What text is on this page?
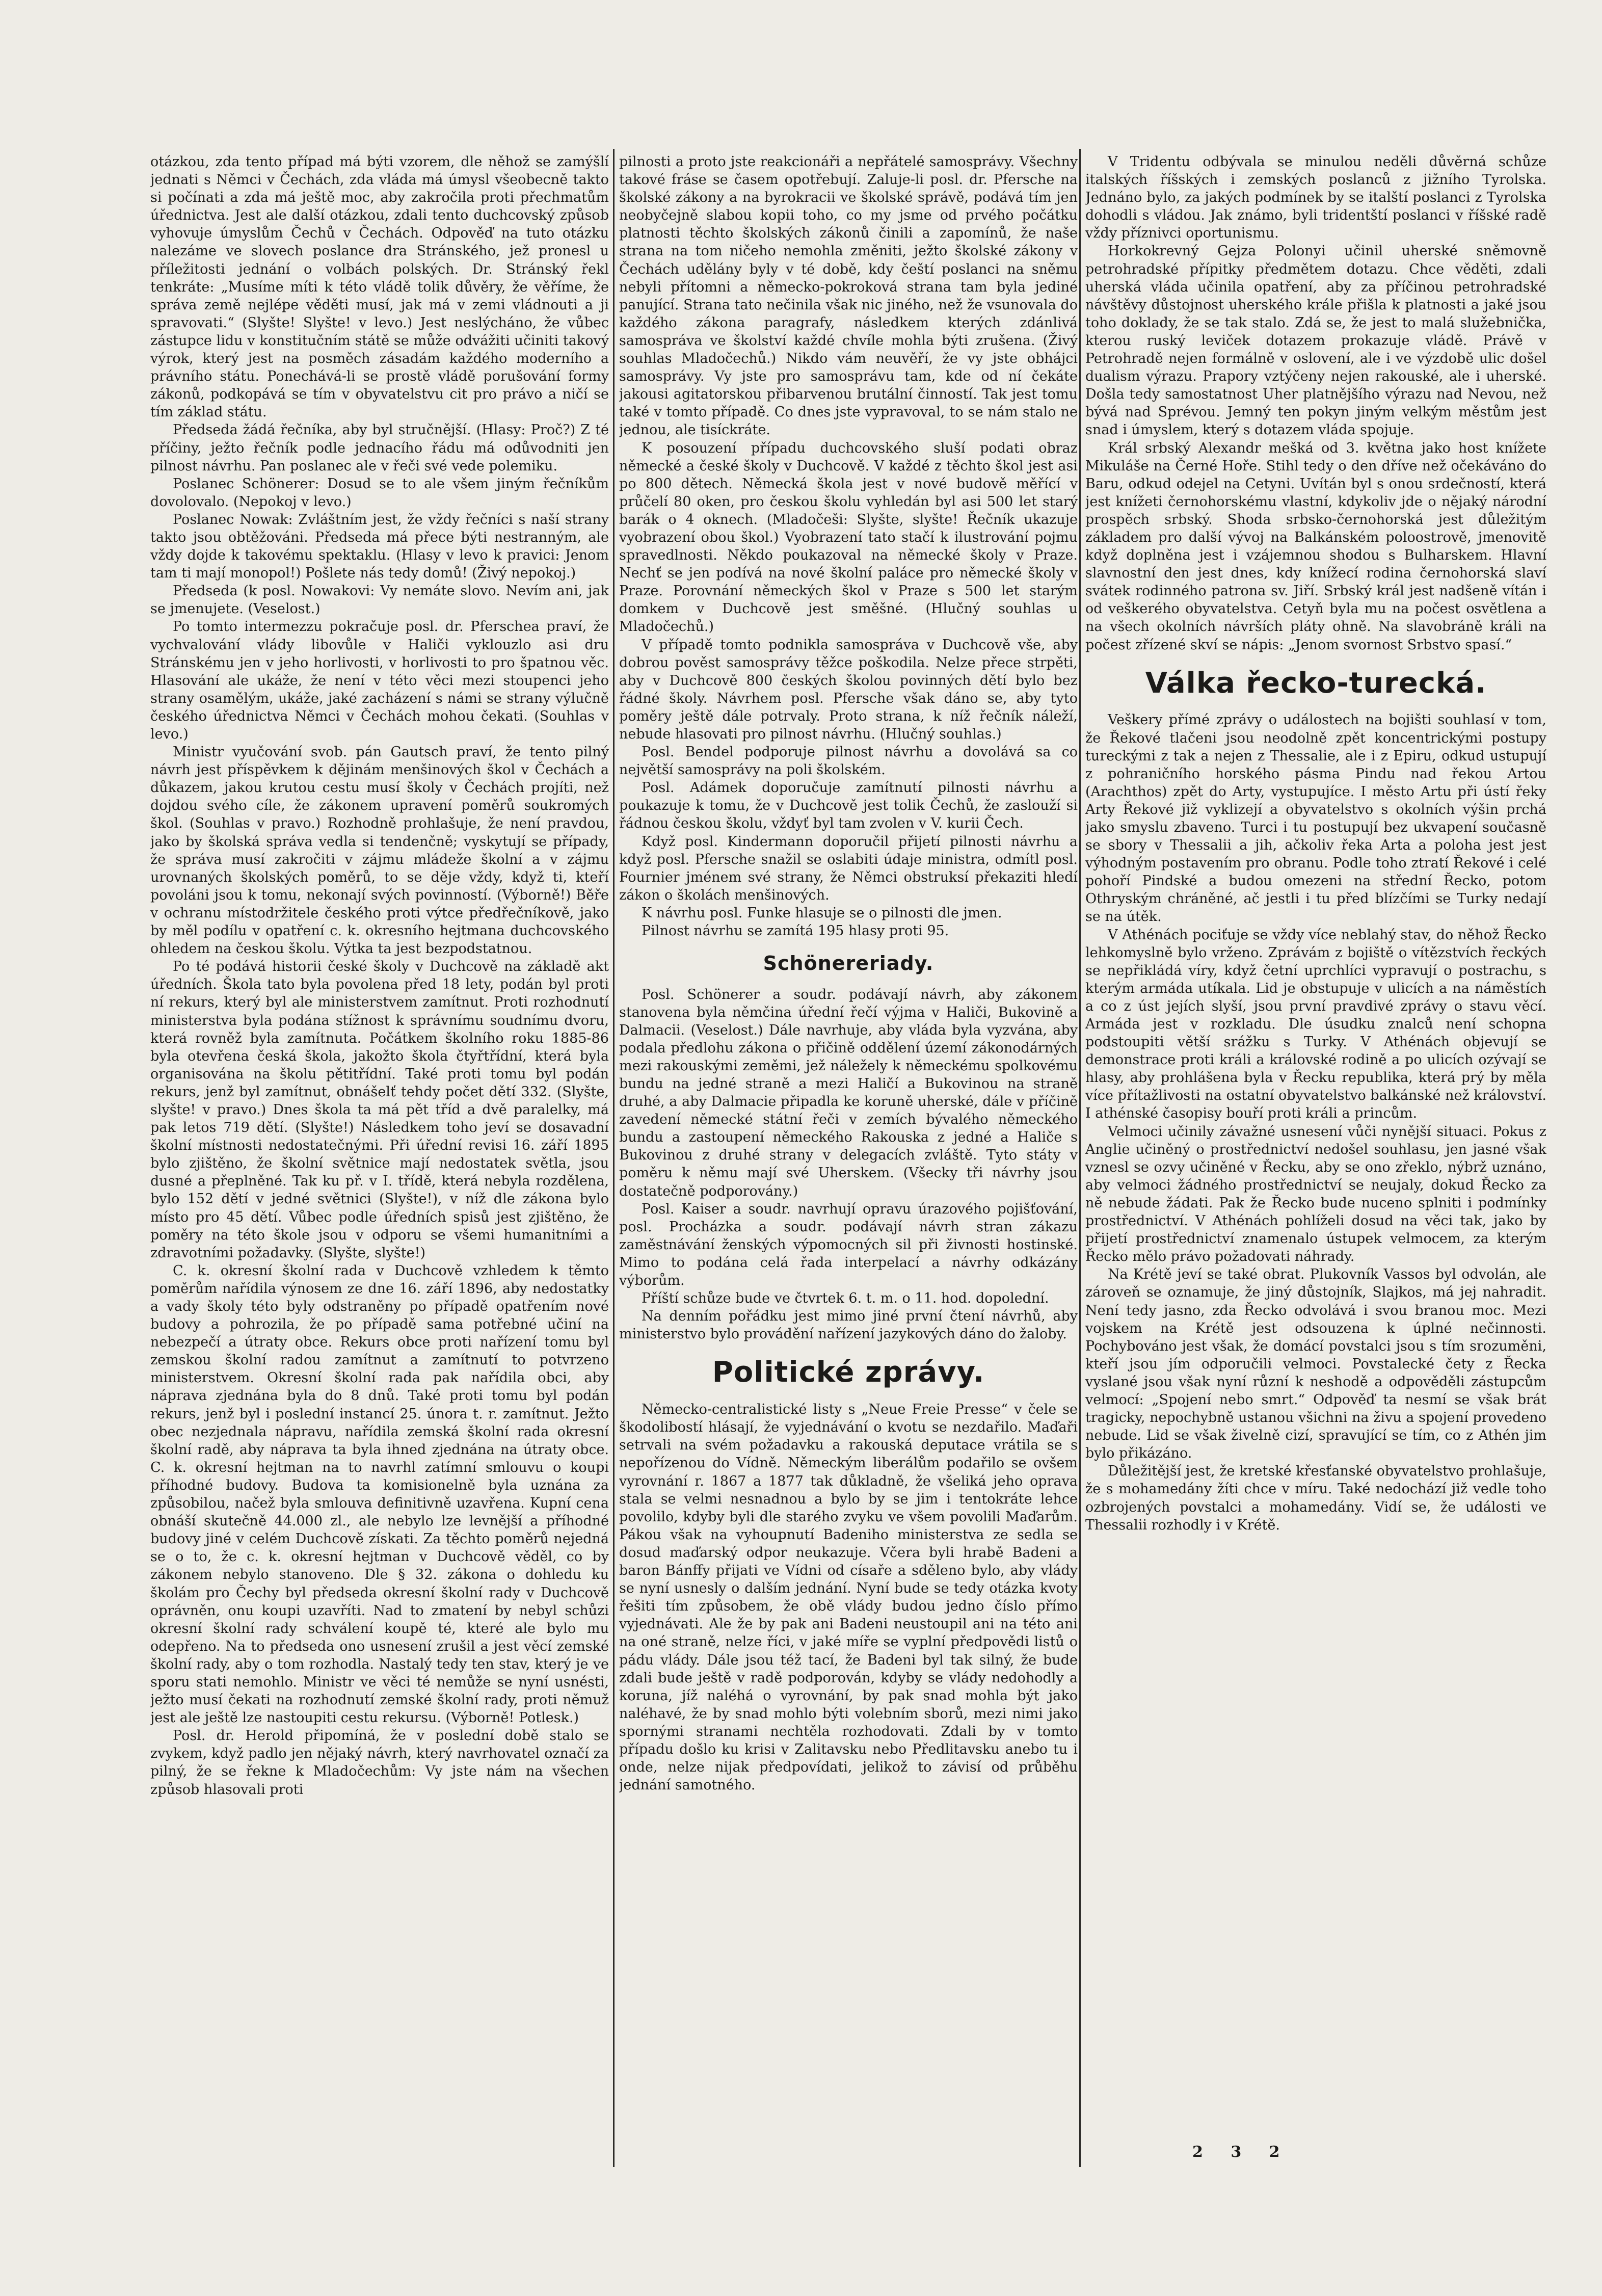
otázkou, zda tento případ má býti vzorem, dle něhož se zamýšlí jednati s Němci v Čechách, zda vláda má úmysl všeobecně takto si počínati a zda má ještě moc, aby zakročila proti přechmatům úřednictva. Jest ale další otázkou, zdali tento duchcovský způsob vyhovuje úmyslům Čechů v Čechách. Odpověď na tuto otázku nalezáme ve slovech poslance dra Stránského, jež pronesl u příležitosti jednání o volbách polských. Dr. Stránský řekl tenkráte: „Musíme míti k této vládě tolik důvěry, že věříme, že správa země nejlépe věděti musí, jak má v zemi vládnouti a ji spravovati.“ (Slyšte! Slyšte! v levo.) Jest neslýcháno, že vůbec zástupce lidu v konstitučním státě se může odvážiti učiniti takový výrok, který jest na posměch zásadám každého moderního a právního státu. Ponechává-li se prostě vládě porušování formy zákonů, podkopává se tím v obyvatelstvu cit pro právo a ničí se tím základ státu.

Předseda žádá řečníka, aby byl stručnější. (Hlasy: Proč?) Z té příčiny, ježto řečník podle jednacího řádu má odůvodniti jen pilnost návrhu. Pan poslanec ale v řeči své vede polemiku.

Poslanec Schönerer: Dosud se to ale všem jiným řečníkům dovolovalo. (Nepokoj v levo.)

Poslanec Nowak: Zvláštním jest, že vždy řečníci s naší strany takto jsou obtěžováni. Předseda má přece býti nestranným, ale vždy dojde k takovému spektaklu. (Hlasy v levo k pravici: Jenom tam ti mají monopol!) Pošlete nás tedy domů! (Živý nepokoj.)

Předseda (k posl. Nowakovi: Vy nemáte slovo. Nevím ani, jak se jmenujete. (Veselost.)

Po tomto intermezzu pokračuje posl. dr. Pferscheа praví, že vychvalování vlády libovůle v Haliči vyklouzlo asi dru Stránskému jen v jeho horlivosti, v horlivosti to pro špatnou věc. Hlasování ale ukáže, že není v této věci mezi stoupenci jeho strany osamělým, ukáže, jaké zacházení s námi se strany výlučně českého úřednictva Němci v Čechách mohou čekati. (Souhlas v levo.)

Ministr vyučování svob. pán Gautsch praví, že tento pilný návrh jest příspěvkem k dějinám menšinových škol v Čechách a důkazem, jakou krutou cestu musí školy v Čechách projíti, než dojdou svého cíle, že zákonem upravení poměrů soukromých škol. (Souhlas v pravo.) Rozhodně prohlašuje, že není pravdou, jako by školská správa vedla si tendenčně; vyskytují se případy, že správa musí zakročiti v zájmu mládeže školní a v zájmu urovnaných školských poměrů, to se děje vždy, když ti, kteří povoláni jsou k tomu, nekonají svých povinností. (Výborně!) Běře v ochranu místodržitele českého proti výtce předřečníkově, jako by měl podílu v opatření c. k. okresního hejtmana duchcovského ohledem na českou školu. Výtka ta jest bezpodstatnou.

Po té podává historii české školy v Duchcově na základě akt úředních. Škola tato byla povolena před 18 lety, podán byl proti ní rekurs, který byl ale ministerstvem zamítnut. Proti rozhodnutí ministerstva byla podána stížnost k správnímu soudnímu dvoru, která rovněž byla zamítnuta. Počátkem školního roku 1885-86 byla otevřena česká škola, jakožto škola čtyřtřídní, která byla organisována na školu pětitřídní. Také proti tomu byl podán rekurs, jenž byl zamítnut, obnášelť tehdy počet dětí 332. (Slyšte, slyšte! v pravo.) Dnes škola ta má pět tříd a dvě paralelky, má pak letos 719 dětí. (Slyšte!) Následkem toho jeví se dosavadní školní místnosti nedostatečnými. Při úřední revisi 16. září 1895 bylo zjištěno, že školní světnice mají nedostatek světla, jsou dusné a přeplněné. Tak ku př. v I. třídě, která nebyla rozdělena, bylo 152 dětí v jedné světnici (Slyšte!), v níž dle zákona bylo místo pro 45 dětí. Vůbec podle úředních spisů jest zjištěno, že poměry na této škole jsou v odporu se všemi humanitními a zdravotními požadavky. (Slyšte, slyšte!)

C. k. okresní školní rada v Duchcově vzhledem k těmto poměrům nařídila výnosem ze dne 16. září 1896, aby nedostatky a vady školy této byly odstraněny po případě opatřením nové budovy a pohrozila, že po případě sama potřebné učiní na nebezpečí a útraty obce. Rekurs obce proti nařízení tomu byl zemskou školní radou zamítnut a zamítnutí to potvrzeno ministerstvem. Okresní školní rada pak nařídila obci, aby náprava zjednána byla do 8 dnů. Také proti tomu byl podán rekurs, jenž byl i poslední instancí 25. února t. r. zamítnut. Ježto obec nezjednala nápravu, nařídila zemská školní rada okresní školní radě, aby náprava ta byla ihned zjednána na útraty obce. C. k. okresní hejtman na to navrhl zatímní smlouvu o koupi příhodné budovy. Budova ta komisionelně byla uznána za způsobilou, načež byla smlouva definitivně uzavřena. Kupní cena obnáší skutečně 44.000 zl., ale nebylo lze levnější a příhodné budovy jiné v celém Duchcově získati. Za těchto poměrů nejedná se o to, že c. k. okresní hejtman v Duchcově věděl, co by zákonem nebylo stanoveno. Dle § 32. zákona o dohledu ku školám pro Čechy byl předseda okresní školní rady v Duchcově oprávněn, onu koupi uzavříti. Nad to zmatení by nebyl schůzi okresní školní rady schválení koupě té, které ale bylo mu odepřeno. Na to předseda ono usnesení zrušil a jest věcí zemské školní rady, aby o tom rozhodla. Nastalý tedy ten stav, který je ve sporu stati nemohlo. Ministr ve věci té nemůže se nyní usnésti, ježto musí čekati na rozhodnutí zemské školní rady, proti němuž jest ale ještě lze nastoupiti cestu rekursu. (Výborně! Potlesk.)

Posl. dr. Herold připomíná, že v poslední době stalo se zvykem, když padlo jen nějaký návrh, který navrhovatel označí za pilný, že se řekne k Mladočechům: Vy jste nám na všechen způsob hlasovali proti

pilnosti a proto jste reakcionáři a nepřátelé samosprávy. Všechny takové fráse se časem opotřebují. Zaluje-li posl. dr. Pfersche na školské zákony a na byrokracii ve školské správě, podává tím jen neobyčejně slabou kopii toho, co my jsme od prvého počátku platnosti těchto školských zákonů činili a zapomínů, že naše strana na tom ničeho nemohla změniti, ježto školské zákony v Čechách udělány byly v té době, kdy čeští poslanci na sněmu nebyli přítomni a německo-pokroková strana tam byla jediné panující. Strana tato nečinila však nic jiného, než že vsunovala do každého zákona paragrafy, následkem kterých zdánlivá samospráva ve školství každé chvíle mohla býti zrušena. (Živý souhlas Mladočechů.) Nikdo vám neuvěří, že vy jste obhájci samosprávy. Vy jste pro samosprávu tam, kde od ní čekáte jakousi agitatorskou přibarvenou brutální činností. Tak jest tomu také v tomto případě. Co dnes jste vypravoval, to se nám stalo ne jednou, ale tisíckráte.

K posouzení případu duchcovského sluší podati obraz německé a české školy v Duchcově. V každé z těchto škol jest asi po 800 dětech. Německá škola jest v nové budově měřící v průčelí 80 oken, pro českou školu vyhledán byl asi 500 let starý barák o 4 oknech. (Mladočeši: Slyšte, slyšte! Řečník ukazuje vyobrazení obou škol.) Vyobrazení tato stačí k ilustrování pojmu spravedlnosti. Někdo poukazoval na německé školy v Praze. Nechť se jen podívá na nové školní paláce pro německé školy v Praze. Porovnání německých škol v Praze s 500 let starým domkem v Duchcově jest směšné. (Hlučný souhlas u Mladočechů.)

V případě tomto podnikla samospráva v Duchcově vše, aby dobrou pověst samosprávy těžce poškodila. Nelze přece strpěti, aby v Duchcově 800 českých školou povinných dětí bylo bez řádné školy. Návrhem posl. Pfersche však dáno se, aby tyto poměry ještě dále potrvaly. Proto strana, k níž řečník náleží, nebude hlasovati pro pilnost návrhu. (Hlučný souhlas.)

Posl. Bendel podporuje pilnost návrhu a dovolává sa co největší samosprávy na poli školském.

Posl. Adámek doporučuje zamítnutí pilnosti návrhu a poukazuje k tomu, že v Duchcově jest tolik Čechů, že zaslouží si řádnou českou školu, vždyť byl tam zvolen v V. kurii Čech.

Když posl. Kindermann doporučil přijetí pilnosti návrhu a když posl. Pfersche snažil se oslabiti údaje ministra, odmítl posl. Fournier jménem své strany, že Němci obstruksí překaziti hledí zákon o školách menšinových.

K návrhu posl. Funke hlasuje se o pilnosti dle jmen.

Pilnost návrhu se zamítá 195 hlasy proti 95.

Schönereriady.

Posl. Schönerer a soudr. podávají návrh, aby zákonem stanovena byla němčina úřední řečí výjma v Haliči, Bukovině a Dalmacii. (Veselost.) Dále navrhuje, aby vláda byla vyzvána, aby podala předlohu zákona o přičině oddělení území zákonodárných mezi rakouskými zeměmi, jež náležely k německému spolkovému bundu na jedné straně a mezi Haličí a Bukovinou na straně druhé, a aby Dalmacie připadla ke koruně uherské, dále v příčině zavedení německé státní řeči v zemích bývalého německého bundu a zastoupení německého Rakouska z jedné a Haliče s Bukovinou z druhé strany v delegacích zvláště. Tyto státy v poměru k němu mají své Uherskem. (Všecky tři návrhy jsou dostatečně podporovány.)

Posl. Kaiser a soudr. navrhují opravu úrazového pojišťování, posl. Procházka a soudr. podávají návrh stran zákazu zaměstnávání ženských výpomocných sil při živnosti hostinské. Mimo to podána celá řada interpelací a návrhy odkázány výborům.

Příští schůze bude ve čtvrtek 6. t. m. o 11. hod. dopolední.

Na denním pořádku jest mimo jiné první čtení návrhů, aby ministerstvo bylo provádění nařízení jazykových dáno do žaloby.

Politické zprávy.

Německo-centralistické listy s „Neue Freie Presse“ v čele se škodolibostí hlásají, že vyjednávání o kvotu se nezdařilo. Maďaři setrvali na svém požadavku a rakouská deputace vrátila se s nepořízenou do Vídně. Německým liberálům podařilo se ovšem vyrovnání r. 1867 a 1877 tak důkladně, že všeliká jeho oprava stala se velmi nesnadnou a bylo by se jim i tentokráte lehce povolilo, kdyby byli dle starého zvyku ve všem povolili Maďarům. Pákou však na vyhoupnutí Badeniho ministerstva ze sedla se dosud maďarský odpor neukazuje. Včera byli hrabě Badeni a baron Bánffy přijati ve Vídni od císaře a sděleno bylo, aby vlády se nyní usnesly o dalším jednání. Nyní bude se tedy otázka kvoty řešiti tím způsobem, že obě vlády budou jedno číslo přímo vyjednávati. Ale že by pak ani Badeni neustoupil ani na této ani na oné straně, nelze říci, v jaké míře se vyplní předpovědi listů o pádu vlády. Dále jsou též tací, že Badeni byl tak silný, že bude zdali bude ještě v radě podporován, kdyby se vlády nedohodly a koruna, jíž naléhá o vyrovnání, by pak snad mohla být jako naléhavé, že by snad mohlo býti volebním sborů, mezi nimi jako spornými stranami nechtěla rozhodovati. Zdali by v tomto případu došlo ku krisi v Zalitavsku nebo Předlitavsku anebo tu i onde, nelze nijak předpovídati, jelikož to závisí od průběhu jednání samotného.

V Tridentu odbývala se minulou neděli důvěrná schůze italských říšských i zemských poslanců z jižního Tyrolska. Jednáno bylo, za jakých podmínek by se italští poslanci z Tyrolska dohodli s vládou. Jak známo, byli tridentští poslanci v říšské radě vždy příznivci oportunismu.

Horkokrevný Gejza Polonyi učinil uherské sněmovně petrohradské přípitky předmětem dotazu. Chce věděti, zdali uherská vláda učinila opatření, aby za příčinou petrohradské návštěvy důstojnost uherského krále přišla k platnosti a jaké jsou toho doklady, že se tak stalo. Zdá se, že jest to malá služebnička, kterou ruský leviček dotazem prokazuje vládě. Právě v Petrohradě nejen formálně v oslovení, ale i ve výzdobě ulic došel dualism výrazu. Prapory vztýčeny nejen rakouské, ale i uherské. Došla tedy samostatnost Uher platnějšího výrazu nad Nevou, než bývá nad Sprévou. Jemný ten pokyn jiným velkým městům jest snad i úmyslem, který s dotazem vláda spojuje.

Král srbský Alexandr mešká od 3. května jako host knížete Mikuláše na Černé Hoře. Stihl tedy o den dříve než očekáváno do Baru, odkud odejel na Cetyni. Uvítán byl s onou srdečností, která jest knížeti černohorskému vlastní, kdykoliv jde o nějaký národní prospěch srbský. Shoda srbsko-černohorská jest důležitým základem pro další vývoj na Balkánském poloostrově, jmenovitě když doplněna jest i vzájemnou shodou s Bulharskem. Hlavní slavnostní den jest dnes, kdy knížecí rodina černohorská slaví svátek rodinného patrona sv. Jiří. Srbský král jest nadšeně vítán i od veškerého obyvatelstva. Cetyň byla mu na počest osvětlena a na všech okolních návrších pláty ohně. Na slavobráně králi na počest zřízené skví se nápis: „Jenom svornost Srbstvo spasí.“

Válka řecko-turecká.

Veškery přímé zprávy o událostech na bojišti souhlasí v tom, že Řekové tlačeni jsou neodolně zpět koncentrickými postupy tureckými z tak a nejen z Thessalie, ale i z Epiru, odkud ustupují z pohraničního horského pásma Pindu nad řekou Artou (Arachthos) zpět do Arty, vystupujíce. I město Artu při ústí řeky Arty Řekové již vyklizejí a obyvatelstvo s okolních výšin prchá jako smyslu zbaveno. Turci i tu postupují bez ukvapení současně se sbory v Thessalii a jih, ačkoliv řeka Arta a poloha jest jest výhodným postavením pro obranu. Podle toho ztratí Řekové i celé pohoří Pindské a budou omezeni na střední Řecko, potom Othryským chráněné, ač jestli i tu před blízčími se Turky nedají se na útěk.

V Athénách pociťuje se vždy více neblahý stav, do něhož Řecko lehkomyslně bylo vrženo. Zprávám z bojiště o vítězstvích řeckých se nepřikládá víry, když četní uprchlíci vypravují o postrachu, s kterým armáda utíkala. Lid je obstupuje v ulicích a na náměstích a co z úst jejích slyší, jsou první pravdivé zprávy o stavu věcí. Armáda jest v rozkladu. Dle úsudku znalců není schopna podstoupiti větší srážku s Turky. V Athénách objevují se demonstrace proti králi a královské rodině a po ulicích ozývají se hlasy, aby prohlášena byla v Řecku republika, která prý by měla více přítažlivosti na ostatní obyvatelstvo balkánské než království. I athénské časopisy bouří proti králi a princům.

Velmoci učinily závažné usnesení vůči nynější situaci. Pokus z Anglie učiněný o prostřednictví nedošel souhlasu, jen jasné však vznesl se ozvy učiněné v Řecku, aby se ono zřeklo, nýbrž uznáno, aby velmoci žádného prostřednictví se neujaly, dokud Řecko za ně nebude žádati. Pak že Řecko bude nuceno splniti i podmínky prostřednictví. V Athénách pohlíželi dosud na věci tak, jako by přijetí prostřednictví znamenalo ústupek velmocem, za kterým Řecko mělo právo požadovati náhrady.

Na Krétě jeví se také obrat. Plukovník Vassos byl odvolán, ale zároveň se oznamuje, že jiný důstojník, Slajkos, má jej nahradit. Není tedy jasno, zda Řecko odvolává i svou branou moc. Mezi vojskem na Krétě jest odsouzena k úplné nečinnosti. Pochybováno jest však, že domácí povstalci jsou s tím srozuměni, kteří jsou jím odporučili velmoci. Povstalecké čety z Řecka vyslané jsou však nyní různí k neshodě a odpověděli zástupcům velmocí: „Spojení nebo smrt.“ Odpověď ta nesmí se však brát tragicky, nepochybně ustanou všichni na živu a spojení provedeno nebude. Lid se však živelně cizí, spravující se tím, co z Athén jim bylo přikázáno.

Důležitější jest, že kretské křesťanské obyvatelstvo prohlašuje, že s mohamedány žíti chce v míru. Také nedochází již vedle toho ozbrojených povstalci a mohamedány. Vidí se, že události ve Thessalii rozhodly i v Krétě.

2 3 2
